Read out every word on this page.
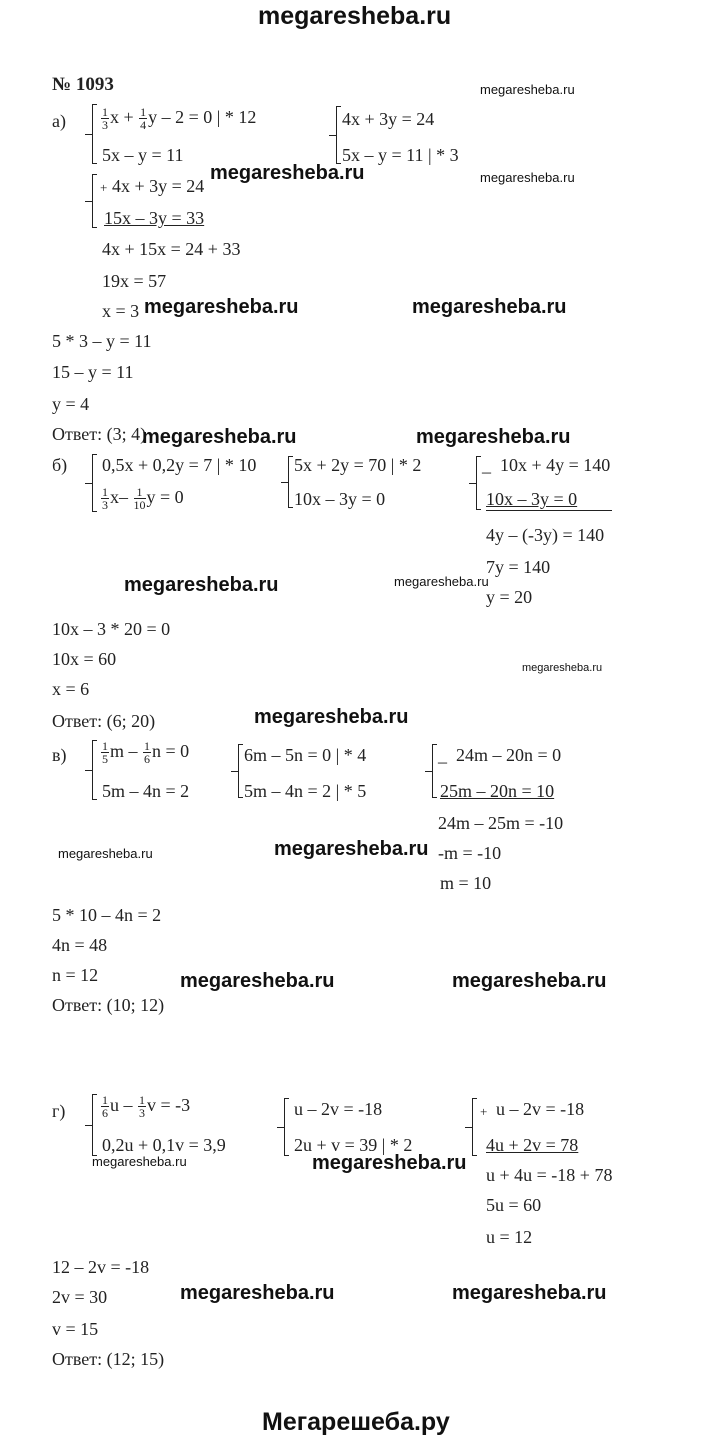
megaresheba.ru
№ 1093
а)	$\frac{1}{3}$ $x + \frac{1}{4}$ y – 2 = 0 | * 12
5x – y = 11
4x + 3y = 24
5x – y = 11 | * 3
+ 4x + 3y = 24
15x – 3y = 33
4x + 15x = 24 + 33
19x = 57
x = 3
5 * 3 – y = 11
15 – y = 11
y = 4
Ответ: (3; 4)
б) 0,5x + 0,2y = 7 | * 10
$\frac{1}{3} x- \frac{1}{10}$ y = 0
5x + 2y = 70 | * 2
10x – 3y = 0
_ 10x + 4y = 140
10x – 3y = 0
4y – (-3y) = 140
7y = 140
y = 20
10x – 3 * 20 = 0
10x = 60
x = 6
Ответ: (6; 20)
в)	$\frac{1}{5}$ m – $\frac{1}{6}$ n = 0
5m – 4n = 2
6m – 5n = 0 | * 4
5m – 4n = 2 | * 5
_ 24m – 20n = 0
25m – 20n = 10
24m – 25m = -10
-m = -10
m = 10
5 * 10 – 4n = 2
4n = 48
n = 12
Ответ: (10; 12)
г)	$\frac{1}{6}$ u – $\frac{1}{3}$ v = -3
0,2u + 0,1v = 3,9
u – 2v = -18
2u + v = 39 | * 2
+ u – 2v = -18
4u + 2v = 78
u + 4u = -18 + 78
5u = 60
u = 12
12 – 2v = -18
2v = 30
v = 15
Ответ: (12; 15)
megaresheba.ru
megaresheba.ru	megaresheba.ru
megaresheba.ru	megaresheba.ru
megaresheba.ru	megaresheba.ru
megaresheba.ru	megaresheba.ru
megaresheba.ru
megaresheba.ru
megaresheba.ru	megaresheba.ru
megaresheba.ru	megaresheba.ru
megaresheba.ru	megaresheba.ru
megaresheba.ru	megaresheba.ru
Мегарешеба.ру
